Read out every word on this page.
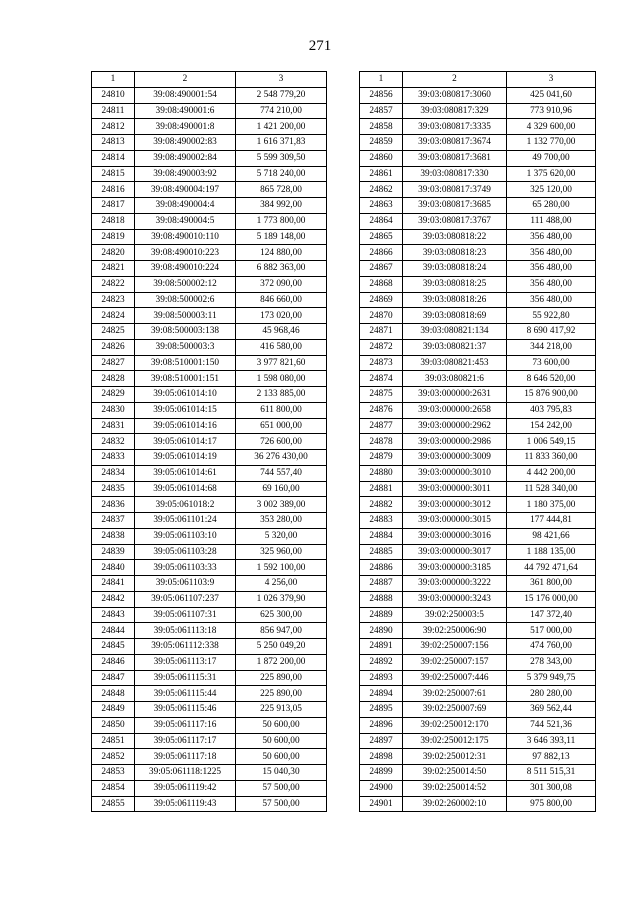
271
1	2	3
24810	39:08:490001:54	2 548 779,20
24811	39:08:490001:6	774 210,00
24812	39:08:490001:8	1 421 200,00
24813	39:08:490002:83	1 616 371,83
24814	39:08:490002:84	5 599 309,50
24815	39:08:490003:92	5 718 240,00
24816	39:08:490004:197	865 728,00
24817	39:08:490004:4	384 992,00
24818	39:08:490004:5	1 773 800,00
24819	39:08:490010:110	5 189 148,00
24820	39:08:490010:223	124 880,00
24821	39:08:490010:224	6 882 363,00
24822	39:08:500002:12	372 090,00
24823	39:08:500002:6	846 660,00
24824	39:08:500003:11	173 020,00
24825	39:08:500003:138	45 968,46
24826	39:08:500003:3	416 580,00
24827	39:08:510001:150	3 977 821,60
24828	39:08:510001:151	1 598 080,00
24829	39:05:061014:10	2 133 885,00
24830	39:05:061014:15	611 800,00
24831	39:05:061014:16	651 000,00
24832	39:05:061014:17	726 600,00
24833	39:05:061014:19	36 276 430,00
24834	39:05:061014:61	744 557,40
24835	39:05:061014:68	69 160,00
24836	39:05:061018:2	3 002 389,00
24837	39:05:061101:24	353 280,00
24838	39:05:061103:10	5 320,00
24839	39:05:061103:28	325 960,00
24840	39:05:061103:33	1 592 100,00
24841	39:05:061103:9	4 256,00
24842	39:05:061107:237	1 026 379,90
24843	39:05:061107:31	625 300,00
24844	39:05:061113:18	856 947,00
24845	39:05:061112:338	5 250 049,20
24846	39:05:061113:17	1 872 200,00
24847	39:05:061115:31	225 890,00
24848	39:05:061115:44	225 890,00
24849	39:05:061115:46	225 913,05
24850	39:05:061117:16	50 600,00
24851	39:05:061117:17	50 600,00
24852	39:05:061117:18	50 600,00
24853	39:05:061118:1225	15 040,30
24854	39:05:061119:42	57 500,00
24855	39:05:061119:43	57 500,00
1	2	3
24856	39:03:080817:3060	425 041,60
24857	39:03:080817:329	773 910,96
24858	39:03:080817:3335	4 329 600,00
24859	39:03:080817:3674	1 132 770,00
24860	39:03:080817:3681	49 700,00
24861	39:03:080817:330	1 375 620,00
24862	39:03:080817:3749	325 120,00
24863	39:03:080817:3685	65 280,00
24864	39:03:080817:3767	111 488,00
24865	39:03:080818:22	356 480,00
24866	39:03:080818:23	356 480,00
24867	39:03:080818:24	356 480,00
24868	39:03:080818:25	356 480,00
24869	39:03:080818:26	356 480,00
24870	39:03:080818:69	55 922,80
24871	39:03:080821:134	8 690 417,92
24872	39:03:080821:37	344 218,00
24873	39:03:080821:453	73 600,00
24874	39:03:080821:6	8 646 520,00
24875	39:03:000000:2631	15 876 900,00
24876	39:03:000000:2658	403 795,83
24877	39:03:000000:2962	154 242,00
24878	39:03:000000:2986	1 006 549,15
24879	39:03:000000:3009	11 833 360,00
24880	39:03:000000:3010	4 442 200,00
24881	39:03:000000:3011	11 528 340,00
24882	39:03:000000:3012	1 180 375,00
24883	39:03:000000:3015	177 444,81
24884	39:03:000000:3016	98 421,66
24885	39:03:000000:3017	1 188 135,00
24886	39:03:000000:3185	44 792 471,64
24887	39:03:000000:3222	361 800,00
24888	39:03:000000:3243	15 176 000,00
24889	39:02:250003:5	147 372,40
24890	39:02:250006:90	517 000,00
24891	39:02:250007:156	474 760,00
24892	39:02:250007:157	278 343,00
24893	39:02:250007:446	5 379 949,75
24894	39:02:250007:61	280 280,00
24895	39:02:250007:69	369 562,44
24896	39:02:250012:170	744 521,36
24897	39:02:250012:175	3 646 393,11
24898	39:02:250012:31	97 882,13
24899	39:02:250014:50	8 511 515,31
24900	39:02:250014:52	301 300,08
24901	39:02:260002:10	975 800,00
